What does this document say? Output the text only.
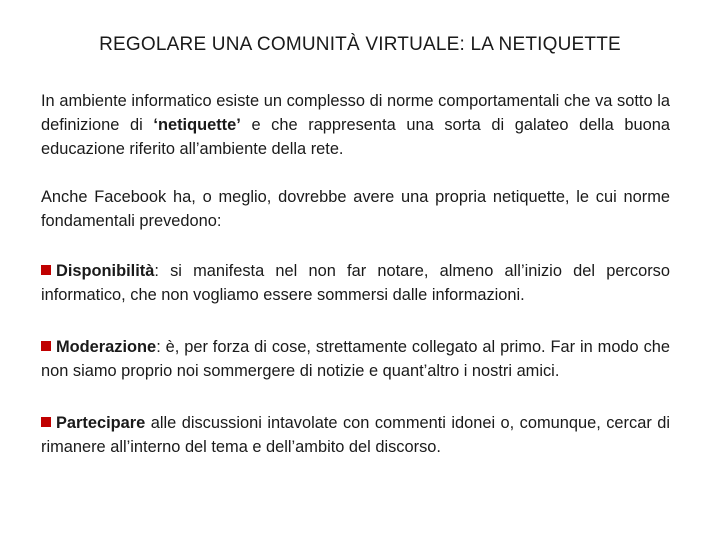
REGOLARE UNA COMUNITÀ VIRTUALE: LA NETIQUETTE

In ambiente informatico esiste un complesso di norme comportamentali che va sotto la definizione di ‘netiquette’ e che rappresenta una sorta di galateo della buona educazione riferito all’ambiente della rete.

Anche Facebook ha, o meglio, dovrebbe avere una propria netiquette, le cui norme fondamentali prevedono:

Disponibilità: si manifesta nel non far notare, almeno all’inizio del percorso informatico, che non vogliamo essere sommersi dalle informazioni.

Moderazione: è, per forza di cose, strettamente collegato al primo. Far in modo che non siamo proprio noi sommergere di notizie e quant’altro i nostri amici.

Partecipare alle discussioni intavolate con commenti idonei o, comunque, cercar di rimanere all’interno del tema e dell’ambito del discorso.
